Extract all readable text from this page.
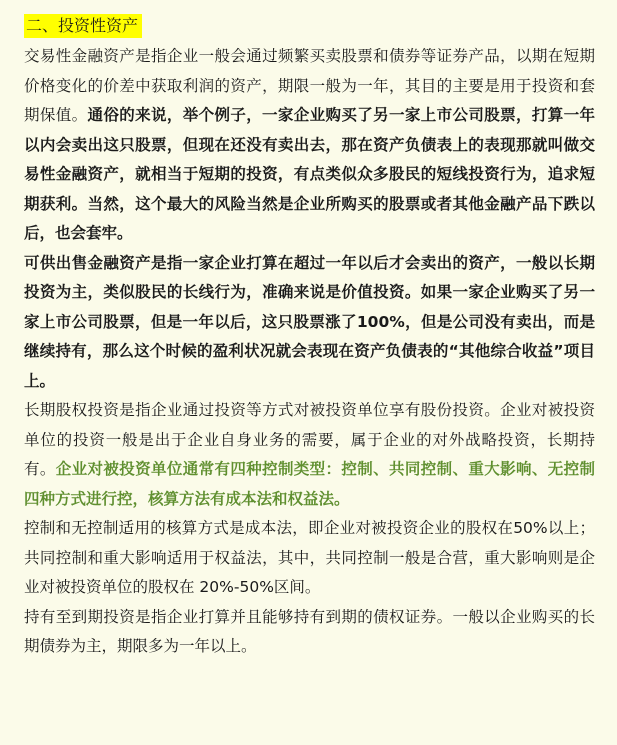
二、投资性资产

交易性金融资产是指企业一般会通过频繁买卖股票和债券等证券产品，以期在短期价格变化的价差中获取利润的资产，期限一般为一年，其目的主要是用于投资和套期保值。通俗的来说，举个例子，一家企业购买了另一家上市公司股票，打算一年以内会卖出这只股票，但现在还没有卖出去，那在资产负债表上的表现那就叫做交易性金融资产，就相当于短期的投资，有点类似众多股民的短线投资行为，追求短期获利。当然，这个最大的风险当然是企业所购买的股票或者其他金融产品下跌以后，也会套牢。

可供出售金融资产是指一家企业打算在超过一年以后才会卖出的资产，一般以长期投资为主，类似股民的长线行为，准确来说是价值投资。如果一家企业购买了另一家上市公司股票，但是一年以后，这只股票涨了100%，但是公司没有卖出，而是继续持有，那么这个时候的盈利状况就会表现在资产负债表的“其他综合收益”项目上。

长期股权投资是指企业通过投资等方式对被投资单位享有股份投资。企业对被投资单位的投资一般是出于企业自身业务的需要，属于企业的对外战略投资，长期持有。企业对被投资单位通常有四种控制类型：控制、共同控制、重大影响、无控制四种方式进行控，核算方法有成本法和权益法。

控制和无控制适用的核算方式是成本法，即企业对被投资企业的股权在50%以上；共同控制和重大影响适用于权益法，其中，共同控制一般是合营，重大影响则是企业对被投资单位的股权在 20%-50%区间。

持有至到期投资是指企业打算并且能够持有到期的债权证券。一般以企业购买的长期债券为主，期限多为一年以上。
